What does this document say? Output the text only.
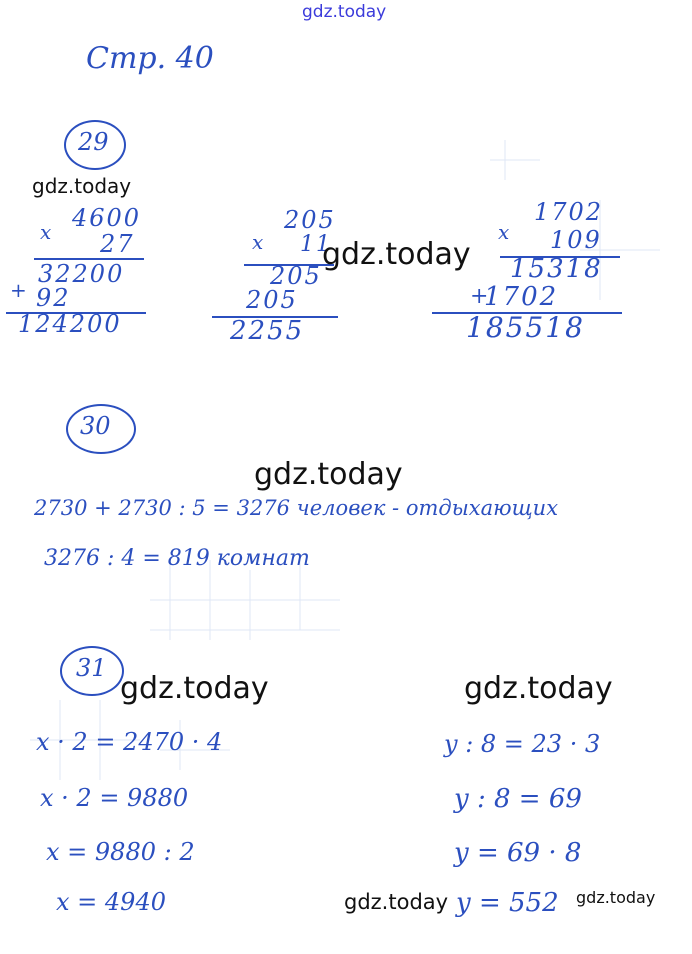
gdz.today
Стр. 40
29
gdz.today
x 4600
27
+
32200
92
124200
x
205
11
205
205
2255
gdz.today
x
1702
109
15318
+
1702
185518
30
gdz.today
2730 + 2730 : 5 = 3276 человек - отдыхающих
3276 : 4 = 819 комнат
31
gdz.today	gdz.today
x · 2 = 2470 · 4
x · 2 = 9880
x = 9880 : 2
x = 4940
y : 8 = 23 · 3
y : 8 = 69
y = 69 · 8
y = 552
gdz.today	gdz.today
